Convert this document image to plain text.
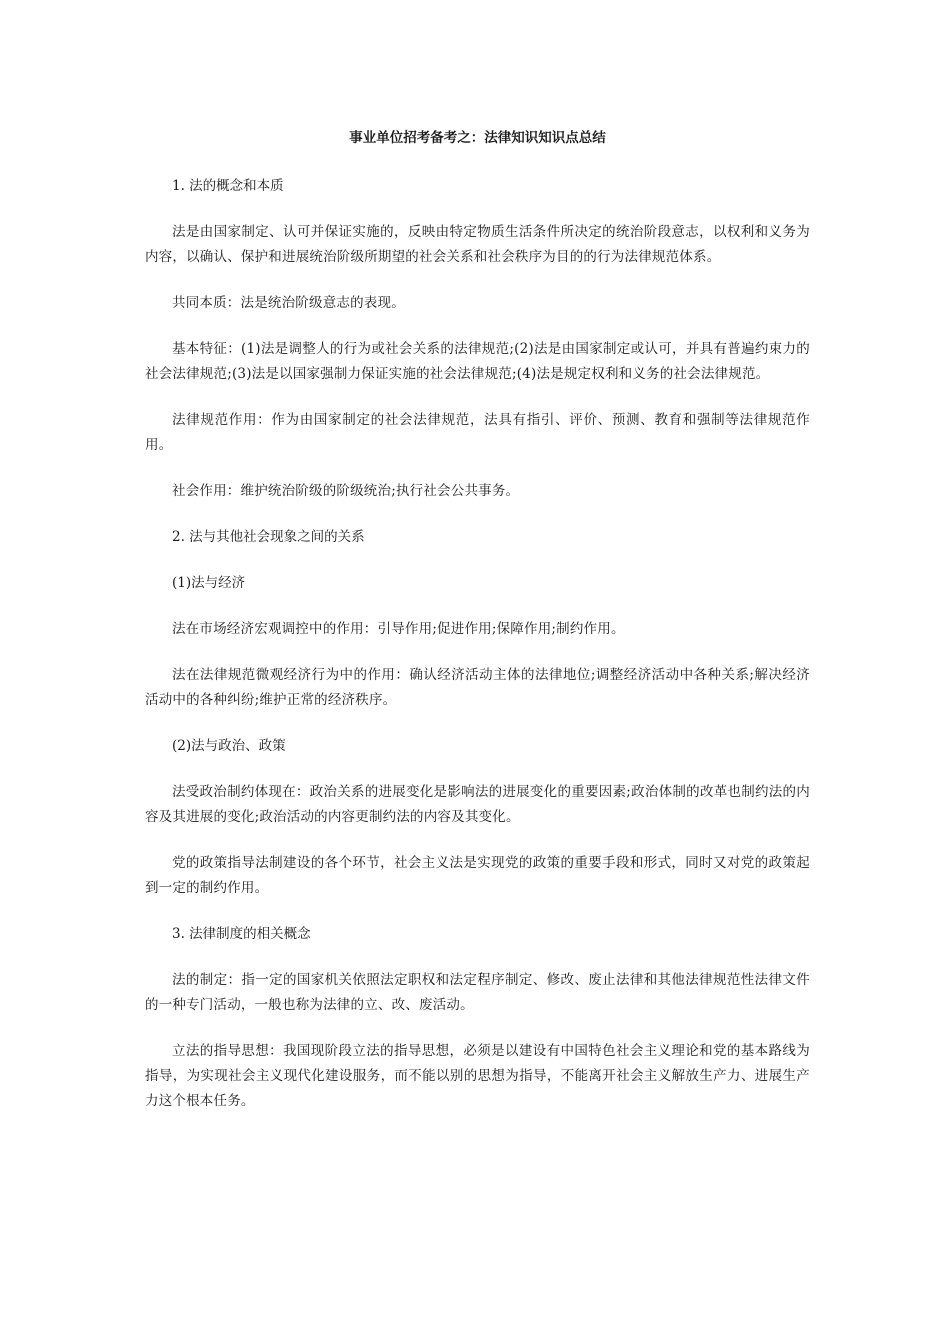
事业单位招考备考之：法律知识知识点总结
1. 法的概念和本质
法是由国家制定、认可并保证实施的，反映由特定物质生活条件所决定的统治阶段意志，以权利和义务为内容，以确认、保护和进展统治阶级所期望的社会关系和社会秩序为目的的行为法律规范体系。
共同本质：法是统治阶级意志的表现。
基本特征：(1)法是调整人的行为或社会关系的法律规范;(2)法是由国家制定或认可，并具有普遍约束力的社会法律规范;(3)法是以国家强制力保证实施的社会法律规范;(4)法是规定权利和义务的社会法律规范。
法律规范作用：作为由国家制定的社会法律规范，法具有指引、评价、预测、教育和强制等法律规范作用。
社会作用：维护统治阶级的阶级统治;执行社会公共事务。
2. 法与其他社会现象之间的关系
(1)法与经济
法在市场经济宏观调控中的作用：引导作用;促进作用;保障作用;制约作用。
法在法律规范微观经济行为中的作用：确认经济活动主体的法律地位;调整经济活动中各种关系;解决经济活动中的各种纠纷;维护正常的经济秩序。
(2)法与政治、政策
法受政治制约体现在：政治关系的进展变化是影响法的进展变化的重要因素;政治体制的改革也制约法的内容及其进展的变化;政治活动的内容更制约法的内容及其变化。
党的政策指导法制建设的各个环节，社会主义法是实现党的政策的重要手段和形式，同时又对党的政策起到一定的制约作用。
3. 法律制度的相关概念
法的制定：指一定的国家机关依照法定职权和法定程序制定、修改、废止法律和其他法律规范性法律文件的一种专门活动，一般也称为法律的立、改、废活动。
立法的指导思想：我国现阶段立法的指导思想，必须是以建设有中国特色社会主义理论和党的基本路线为指导，为实现社会主义现代化建设服务，而不能以别的思想为指导，不能离开社会主义解放生产力、进展生产力这个根本任务。
